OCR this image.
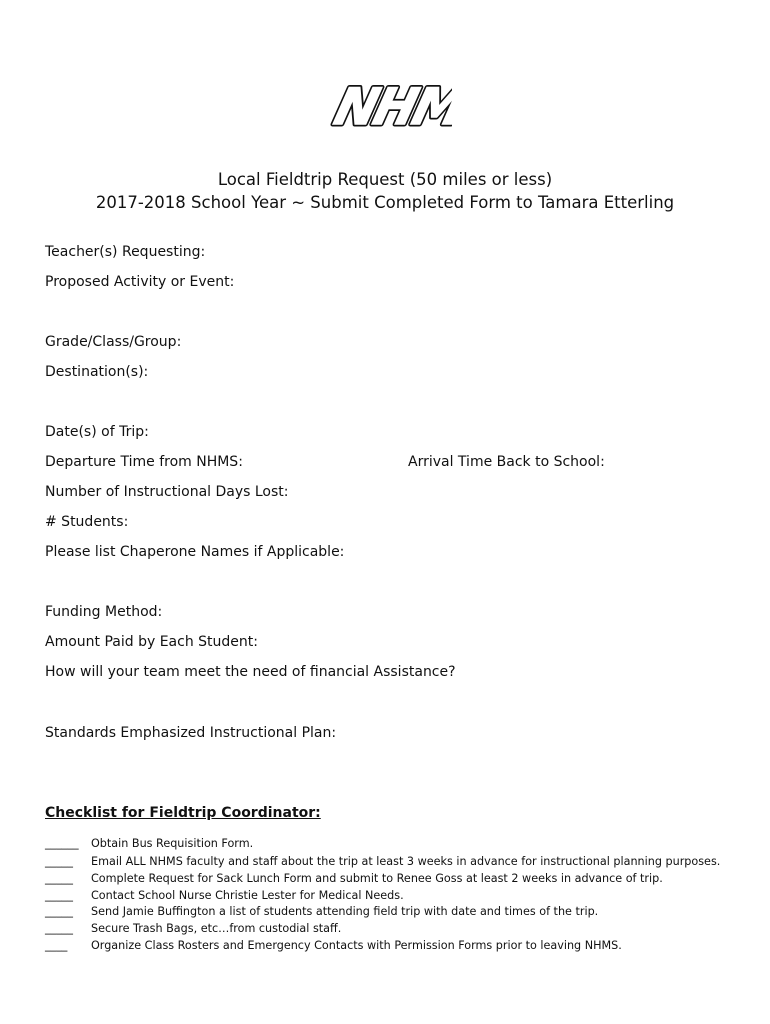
NHM
NHM
Local Fieldtrip Request (50 miles or less)
2017-2018 School Year ~ Submit Completed Form to Tamara Etterling
Teacher(s) Requesting:
Proposed Activity or Event:
Grade/Class/Group:
Destination(s):
Date(s) of Trip:
Departure Time from NHMS:	Arrival Time Back to School:
Number of Instructional Days Lost:
# Students:
Please list Chaperone Names if Applicable:
Funding Method:
Amount Paid by Each Student:
How will your team meet the need of financial Assistance?
Standards Emphasized Instructional Plan:
Checklist for Fieldtrip Coordinator:
______ Obtain Bus Requisition Form.
_____ Email ALL NHMS faculty and staff about the trip at least 3 weeks in advance for instructional planning purposes.
_____ Complete Request for Sack Lunch Form and submit to Renee Goss at least 2 weeks in advance of trip.
_____ Contact School Nurse Christie Lester for Medical Needs.
_____ Send Jamie Buffington a list of students attending field trip with date and times of the trip.
_____ Secure Trash Bags, etc…from custodial staff.
____ Organize Class Rosters and Emergency Contacts with Permission Forms prior to leaving NHMS.
